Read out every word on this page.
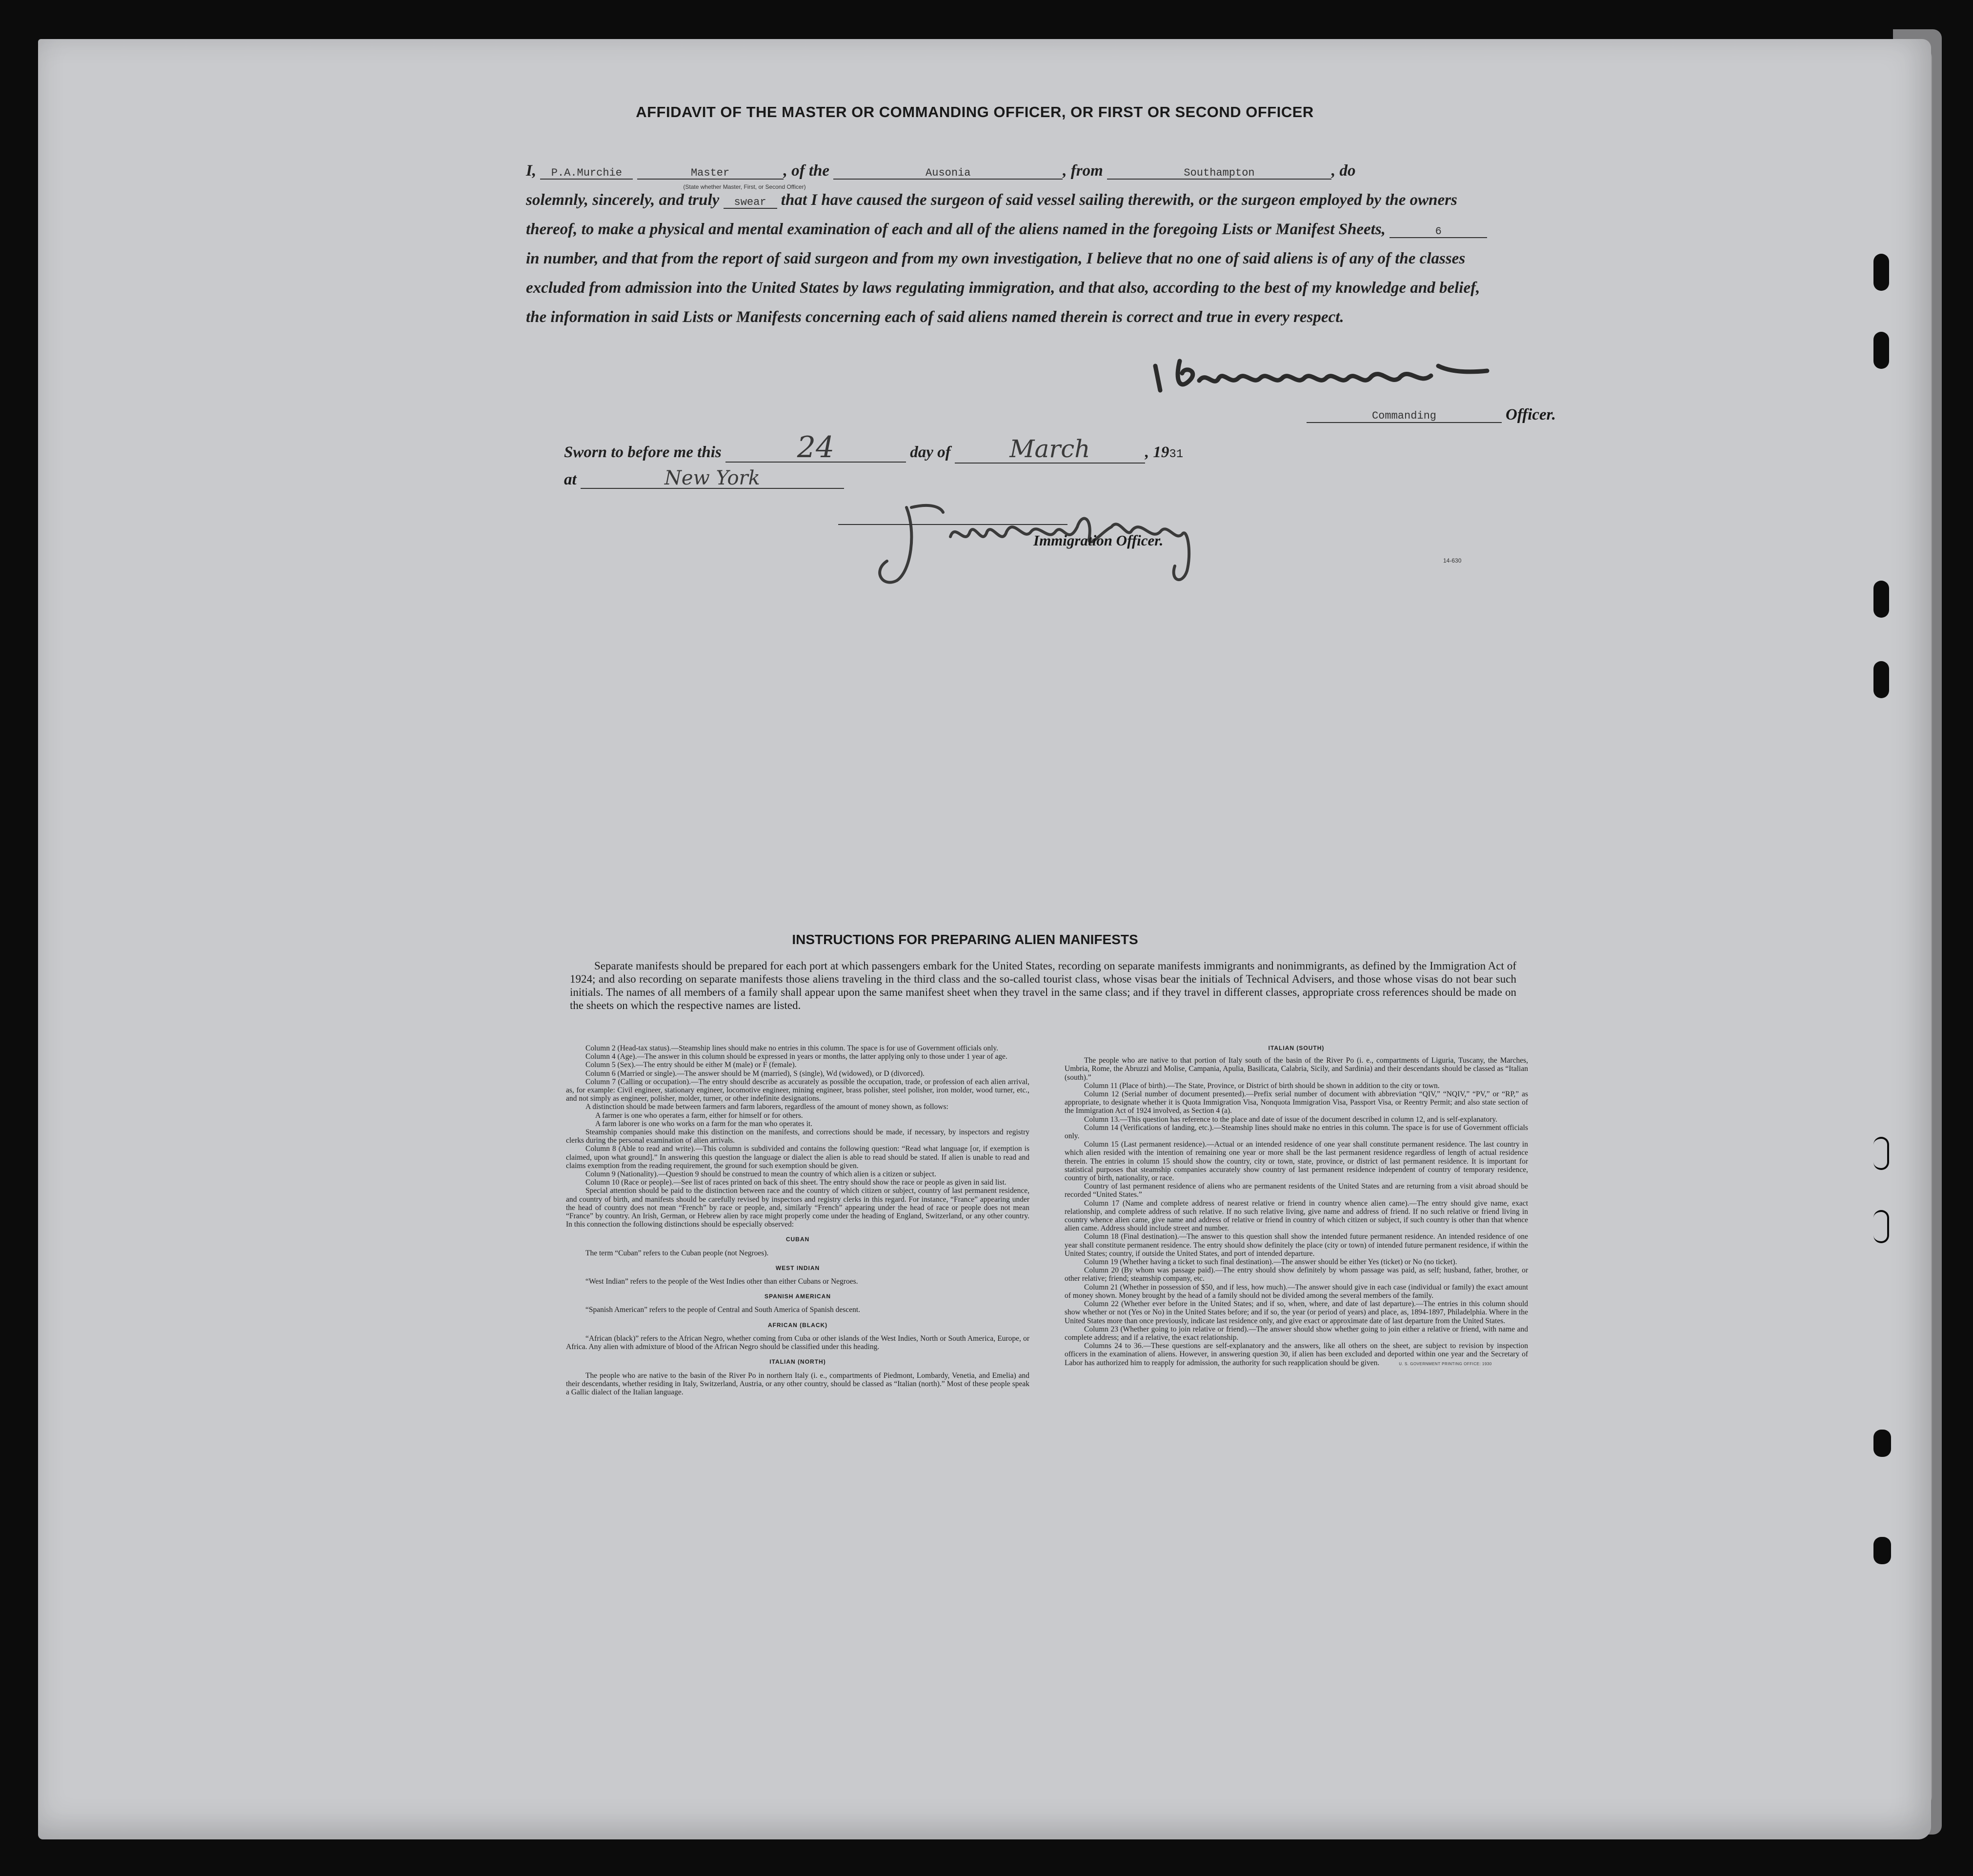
AFFIDAVIT OF THE MASTER OR COMMANDING OFFICER, OR FIRST OR SECOND OFFICER
I, P.A.Murchie	Master	, of the	Ausonia	, from	Southampton	, do
solemnly, sincerely, and truly swear that I have caused the surgeon of said vessel sailing therewith, or the surgeon employed by the owners thereof, to make a physical and mental examination of each and all of the aliens named in the foregoing Lists or Manifest Sheets,	6 in number, and that from the report of said surgeon and from my own investigation, I believe that no one of said aliens is of any of the classes excluded from admission into the United States by laws regulating immigration, and that also, according to the best of my knowledge and belief, the information in said Lists or Manifests concerning each of said aliens named therein is correct and true in every respect.
(State whether Master, First, or Second Officer)
Commanding	Officer.
Sworn to before me this	24	day of March	, 1931
at	New York
Immigration Officer.
14-630
INSTRUCTIONS FOR PREPARING ALIEN MANIFESTS
Separate manifests should be prepared for each port at which passengers embark for the United States, recording on separate manifests immigrants and nonimmigrants, as defined by the Immigration Act of 1924; and also recording on separate manifests those aliens traveling in the third class and the so-called tourist class, whose visas bear the initials of Technical Advisers, and those whose visas do not bear such initials. The names of all members of a family shall appear upon the same manifest sheet when they travel in the same class; and if they travel in different classes, appropriate cross references should be made on the sheets on which the respective names are listed.

Column 2 (Head-tax status).—Steamship lines should make no entries in this column. The space is for use of Government officials only.

Column 4 (Age).—The answer in this column should be expressed in years or months, the latter applying only to those under 1 year of age.

Column 5 (Sex).—The entry should be either M (male) or F (female).

Column 6 (Married or single).—The answer should be M (married), S (single), Wd (widowed), or D (divorced).

Column 7 (Calling or occupation).—The entry should describe as accurately as possible the occupation, trade, or profession of each alien arrival, as, for example: Civil engineer, stationary engineer, locomotive engineer, mining engineer, brass polisher, steel polisher, iron molder, wood turner, etc., and not simply as engineer, polisher, molder, turner, or other indefinite designations.

A distinction should be made between farmers and farm laborers, regardless of the amount of money shown, as follows:

A farmer is one who operates a farm, either for himself or for others.

A farm laborer is one who works on a farm for the man who operates it.

Steamship companies should make this distinction on the manifests, and corrections should be made, if necessary, by inspectors and registry clerks during the personal examination of alien arrivals.

Column 8 (Able to read and write).—This column is subdivided and contains the following question: “Read what language [or, if exemption is claimed, upon what ground].” In answering this question the language or dialect the alien is able to read should be stated. If alien is unable to read and claims exemption from the reading requirement, the ground for such exemption should be given.

Column 9 (Nationality).—Question 9 should be construed to mean the country of which alien is a citizen or subject.

Column 10 (Race or people).—See list of races printed on back of this sheet. The entry should show the race or people as given in said list.

Special attention should be paid to the distinction between race and the country of which citizen or subject, country of last permanent residence, and country of birth, and manifests should be carefully revised by inspectors and registry clerks in this regard. For instance, “France” appearing under the head of country does not mean “French” by race or people, and, similarly “French” appearing under the head of race or people does not mean “France” by country. An Irish, German, or Hebrew alien by race might properly come under the heading of England, Switzerland, or any other country. In this connection the following distinctions should be especially observed:

CUBAN

The term “Cuban” refers to the Cuban people (not Negroes).

WEST INDIAN

“West Indian” refers to the people of the West Indies other than either Cubans or Negroes.

SPANISH AMERICAN

“Spanish American” refers to the people of Central and South America of Spanish descent.

AFRICAN (BLACK)

“African (black)” refers to the African Negro, whether coming from Cuba or other islands of the West Indies, North or South America, Europe, or Africa. Any alien with admixture of blood of the African Negro should be classified under this heading.

ITALIAN (NORTH)

The people who are native to the basin of the River Po in northern Italy (i. e., compartments of Piedmont, Lombardy, Venetia, and Emelia) and their descendants, whether residing in Italy, Switzerland, Austria, or any other country, should be classed as “Italian (north).” Most of these people speak a Gallic dialect of the Italian language.

ITALIAN (SOUTH)

The people who are native to that portion of Italy south of the basin of the River Po (i. e., compartments of Liguria, Tuscany, the Marches, Umbria, Rome, the Abruzzi and Molise, Campania, Apulia, Basilicata, Calabria, Sicily, and Sardinia) and their descendants should be classed as “Italian (south).”

Column 11 (Place of birth).—The State, Province, or District of birth should be shown in addition to the city or town.

Column 12 (Serial number of document presented).—Prefix serial number of document with abbreviation “QIV,” “NQIV,” “PV,” or “RP,” as appropriate, to designate whether it is Quota Immigration Visa, Nonquota Immigration Visa, Passport Visa, or Reentry Permit; and also state section of the Immigration Act of 1924 involved, as Section 4 (a).

Column 13.—This question has reference to the place and date of issue of the document described in column 12, and is self-explanatory.

Column 14 (Verifications of landing, etc.).—Steamship lines should make no entries in this column. The space is for use of Government officials only.

Column 15 (Last permanent residence).—Actual or an intended residence of one year shall constitute permanent residence. The last country in which alien resided with the intention of remaining one year or more shall be the last permanent residence regardless of length of actual residence therein. The entries in column 15 should show the country, city or town, state, province, or district of last permanent residence. It is important for statistical purposes that steamship companies accurately show country of last permanent residence independent of country of temporary residence, country of birth, nationality, or race.

Country of last permanent residence of aliens who are permanent residents of the United States and are returning from a visit abroad should be recorded “United States.”

Column 17 (Name and complete address of nearest relative or friend in country whence alien came).—The entry should give name, exact relationship, and complete address of such relative. If no such relative living, give name and address of friend. If no such relative or friend living in country whence alien came, give name and address of relative or friend in country of which citizen or subject, if such country is other than that whence alien came. Address should include street and number.

Column 18 (Final destination).—The answer to this question shall show the intended future permanent residence. An intended residence of one year shall constitute permanent residence. The entry should show definitely the place (city or town) of intended future permanent residence, if within the United States; country, if outside the United States, and port of intended departure.

Column 19 (Whether having a ticket to such final destination).—The answer should be either Yes (ticket) or No (no ticket).

Column 20 (By whom was passage paid).—The entry should show definitely by whom passage was paid, as self; husband, father, brother, or other relative; friend; steamship company, etc.

Column 21 (Whether in possession of $50, and if less, how much).—The answer should give in each case (individual or family) the exact amount of money shown. Money brought by the head of a family should not be divided among the several members of the family.

Column 22 (Whether ever before in the United States; and if so, when, where, and date of last departure).—The entries in this column should show whether or not (Yes or No) in the United States before; and if so, the year (or period of years) and place, as, 1894-1897, Philadelphia. Where in the United States more than once previously, indicate last residence only, and give exact or approximate date of last departure from the United States.

Column 23 (Whether going to join relative or friend).—The answer should show whether going to join either a relative or friend, with name and complete address; and if a relative, the exact relationship.

Columns 24 to 36.—These questions are self-explanatory and the answers, like all others on the sheet, are subject to revision by inspection officers in the examination of aliens. However, in answering question 30, if alien has been excluded and deported within one year and the Secretary of Labor has authorized him to reapply for admission, the authority for such reapplication should be given.	U. S. GOVERNMENT PRINTING OFFICE: 1930
